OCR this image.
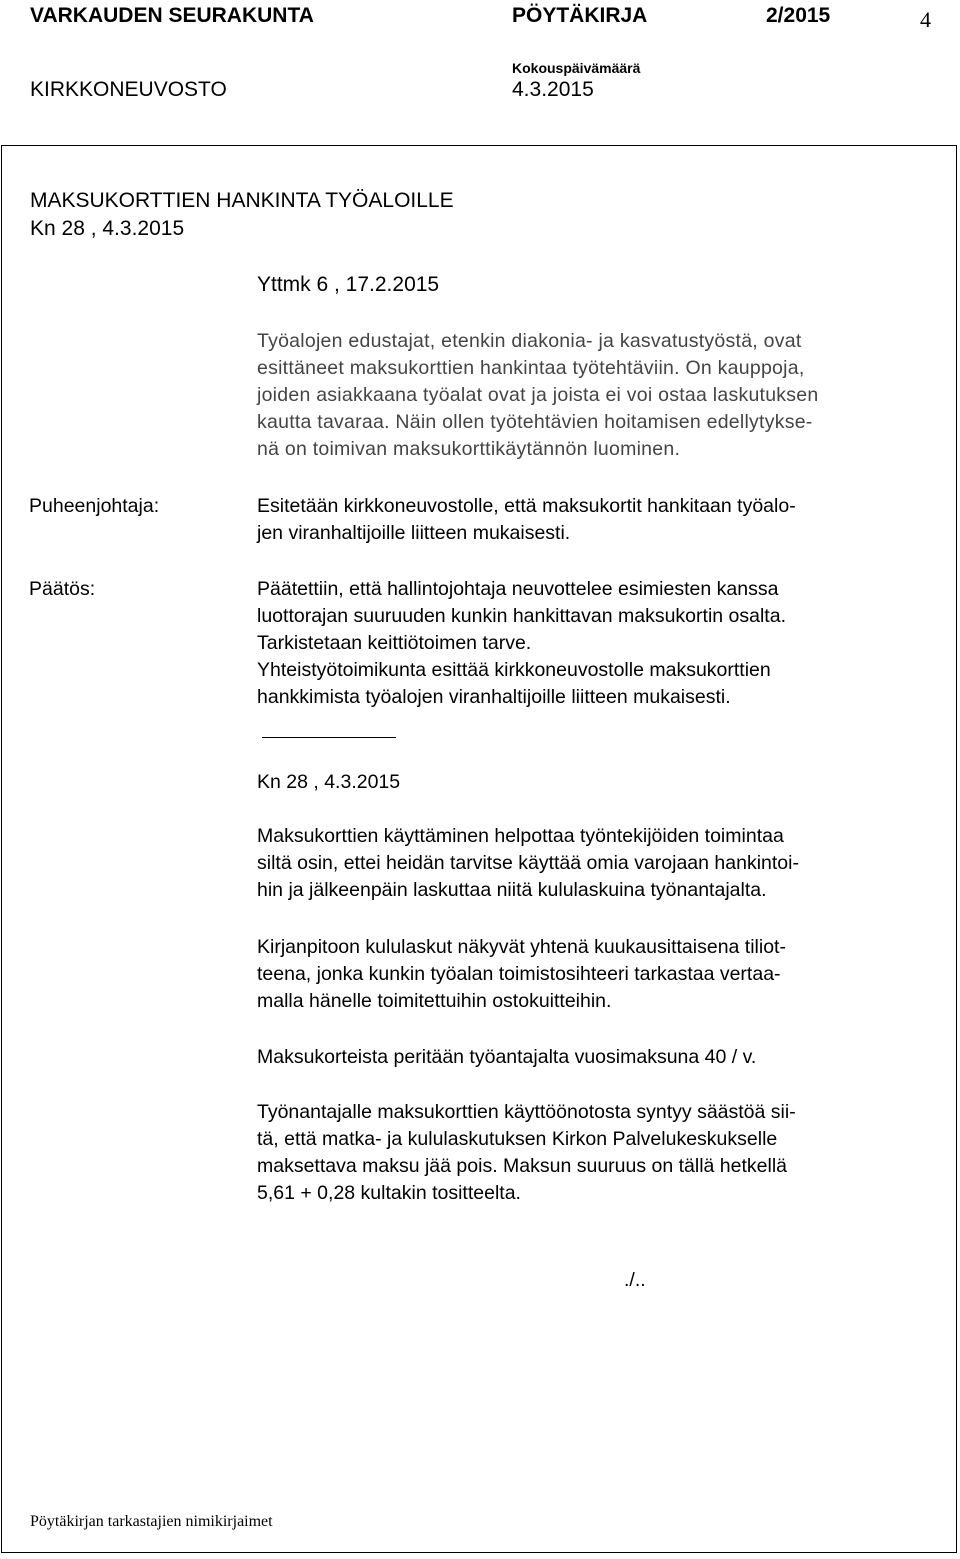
VARKAUDEN SEURAKUNTA	PÖYTÄKIRJA	2/2015	4
Kokouspäivämäärä
KIRKKONEUVOSTO	4.3.2015
MAKSUKORTTIEN HANKINTA TYÖALOILLE
Kn 28 , 4.3.2015
Yttmk 6 , 17.2.2015
Työalojen edustajat, etenkin diakonia- ja kasvatustyöstä, ovat
esittäneet maksukorttien hankintaa työtehtäviin. On kauppoja,
joiden asiakkaana työalat ovat ja joista ei voi ostaa laskutuksen
kautta tavaraa. Näin ollen työtehtävien hoitamisen edellytykse-
nä on toimivan maksukorttikäytännön luominen.
Puheenjohtaja:	Esitetään kirkkoneuvostolle, että maksukortit hankitaan työalo-
jen viranhaltijoille liitteen mukaisesti.
Päätös:	Päätettiin, että hallintojohtaja neuvottelee esimiesten kanssa
luottorajan suuruuden kunkin hankittavan maksukortin osalta.
Tarkistetaan keittiötoimen tarve.
Yhteistyötoimikunta esittää kirkkoneuvostolle maksukorttien
hankkimista työalojen viranhaltijoille liitteen mukaisesti.
Kn 28 , 4.3.2015
Maksukorttien käyttäminen helpottaa työntekijöiden toimintaa
siltä osin, ettei heidän tarvitse käyttää omia varojaan hankintoi-
hin ja jälkeenpäin laskuttaa niitä kululaskuina työnantajalta.
Kirjanpitoon kululaskut näkyvät yhtenä kuukausittaisena tiliot-
teena, jonka kunkin työalan toimistosihteeri tarkastaa vertaa-
malla hänelle toimitettuihin ostokuitteihin.
Maksukorteista peritään työantajalta vuosimaksuna 40 / v.
Työnantajalle maksukorttien käyttöönotosta syntyy säästöä sii-
tä, että matka- ja kululaskutuksen Kirkon Palvelukeskukselle
maksettava maksu jää pois. Maksun suuruus on tällä hetkellä
5,61 + 0,28 kultakin tositteelta.
./..
Pöytäkirjan tarkastajien nimikirjaimet
